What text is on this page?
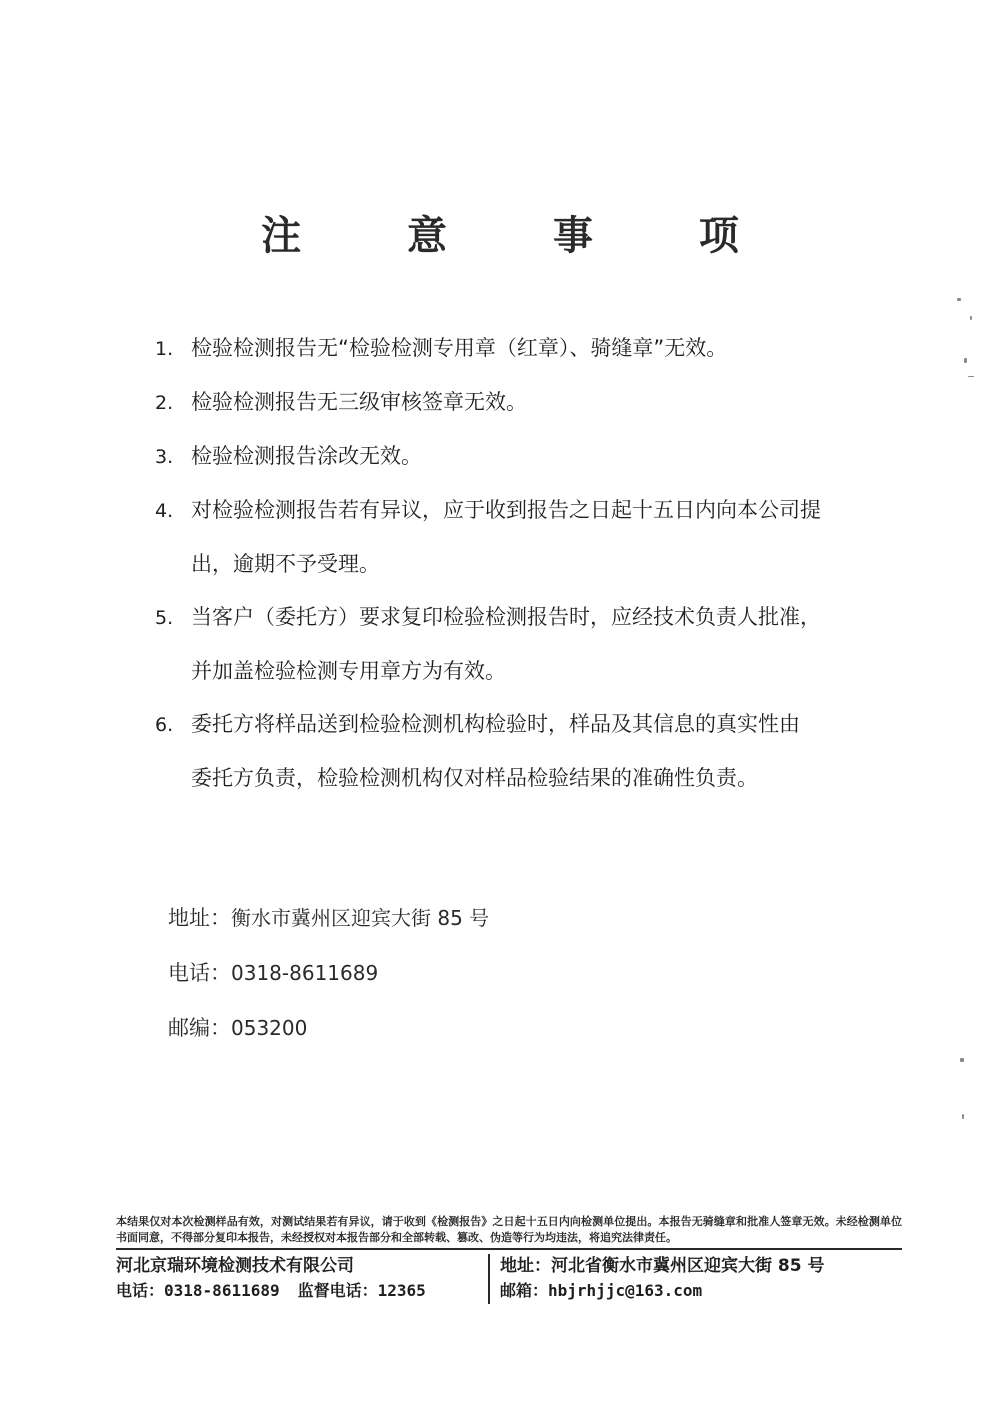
注 意 事 项
1. 检验检测报告无“检验检测专用章（红章）、骑缝章”无效。
2. 检验检测报告无三级审核签章无效。
3. 检验检测报告涂改无效。
4. 对检验检测报告若有异议，应于收到报告之日起十五日内向本公司提
出，逾期不予受理。
5. 当客户（委托方）要求复印检验检测报告时，应经技术负责人批准，
并加盖检验检测专用章方为有效。
6. 委托方将样品送到检验检测机构检验时，样品及其信息的真实性由
委托方负责，检验检测机构仅对样品检验结果的准确性负责。
地址：衡水市冀州区迎宾大街 85 号
电话：0318-8611689
邮编：053200
本结果仅对本次检测样品有效，对测试结果若有异议，请于收到《检测报告》之日起十五日内向检测单位提出。本报告无骑缝章和批准人签章无效。未经检测单位书面同意，不得部分复印本报告，未经授权对本报告部分和全部转载、篡改、伪造等行为均违法，将追究法律责任。
河北京瑞环境检测技术有限公司
电话：0318-8611689 监督电话：12365
地址：河北省衡水市冀州区迎宾大街 85 号
邮箱：hbjrhjjc@163.com
